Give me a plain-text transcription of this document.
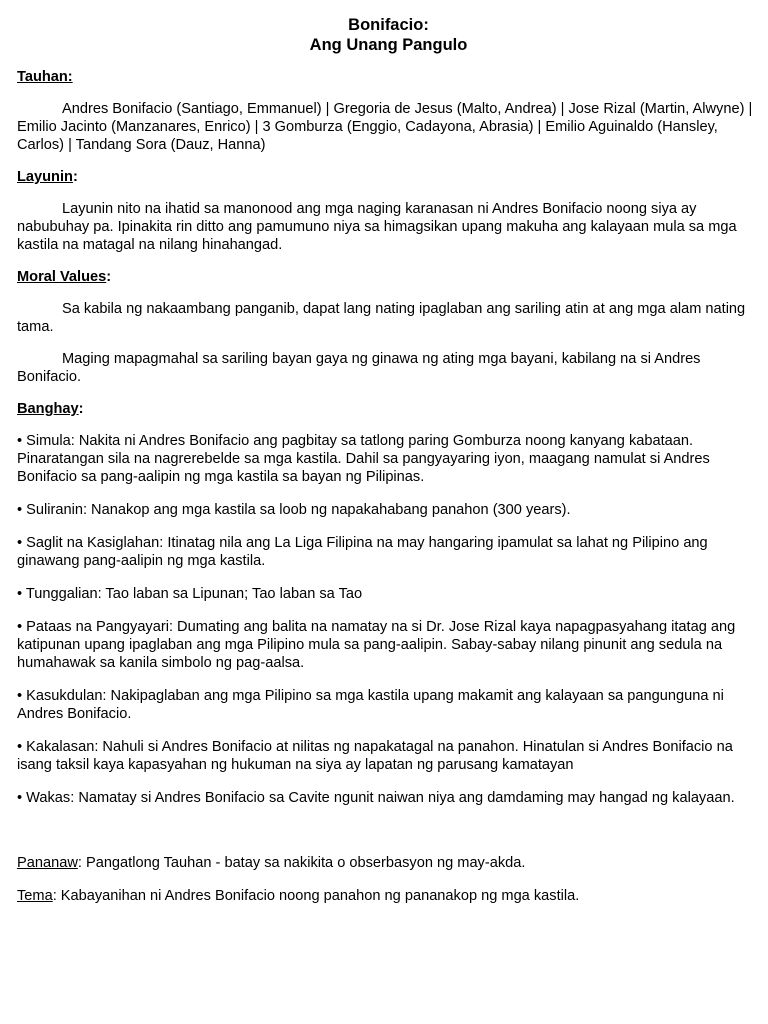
Bonifacio:
Ang Unang Pangulo
Tauhan:

Andres Bonifacio (Santiago, Emmanuel) | Gregoria de Jesus (Malto, Andrea) | Jose Rizal (Martin, Alwyne) | Emilio Jacinto (Manzanares, Enrico) | 3 Gomburza (Enggio, Cadayona, Abrasia) | Emilio Aguinaldo (Hansley, Carlos) | Tandang Sora (Dauz, Hanna)

Layunin:

Layunin nito na ihatid sa manonood ang mga naging karanasan ni Andres Bonifacio noong siya ay nabubuhay pa. Ipinakita rin ditto ang pamumuno niya sa himagsikan upang makuha ang kalayaan mula sa mga kastila na matagal na nilang hinahangad.

Moral Values:

Sa kabila ng nakaambang panganib, dapat lang nating ipaglaban ang sariling atin at ang mga alam nating tama.

Maging mapagmahal sa sariling bayan gaya ng ginawa ng ating mga bayani, kabilang na si Andres Bonifacio.

Banghay:

• Simula: Nakita ni Andres Bonifacio ang pagbitay sa tatlong paring Gomburza noong kanyang kabataan. Pinaratangan sila na nagrerebelde sa mga kastila. Dahil sa pangyayaring iyon, maagang namulat si Andres Bonifacio sa pang-aalipin ng mga kastila sa bayan ng Pilipinas.

• Suliranin: Nanakop ang mga kastila sa loob ng napakahabang panahon (300 years).

• Saglit na Kasiglahan: Itinatag nila ang La Liga Filipina na may hangaring ipamulat sa lahat ng Pilipino ang ginawang pang-aalipin ng mga kastila.

• Tunggalian: Tao laban sa Lipunan; Tao laban sa Tao

• Pataas na Pangyayari: Dumating ang balita na namatay na si Dr. Jose Rizal kaya napagpasyahang itatag ang katipunan upang ipaglaban ang mga Pilipino mula sa pang-aalipin. Sabay-sabay nilang pinunit ang sedula na humahawak sa kanila simbolo ng pag-aalsa.

• Kasukdulan: Nakipaglaban ang mga Pilipino sa mga kastila upang makamit ang kalayaan sa pangunguna ni Andres Bonifacio.

• Kakalasan: Nahuli si Andres Bonifacio at nilitas ng napakatagal na panahon. Hinatulan si Andres Bonifacio na isang taksil kaya kapasyahan ng hukuman na siya ay lapatan ng parusang kamatayan

• Wakas: Namatay si Andres Bonifacio sa Cavite ngunit naiwan niya ang damdaming may hangad ng kalayaan.

Pananaw: Pangatlong Tauhan - batay sa nakikita o obserbasyon ng may-akda.

Tema: Kabayanihan ni Andres Bonifacio noong panahon ng pananakop ng mga kastila.
